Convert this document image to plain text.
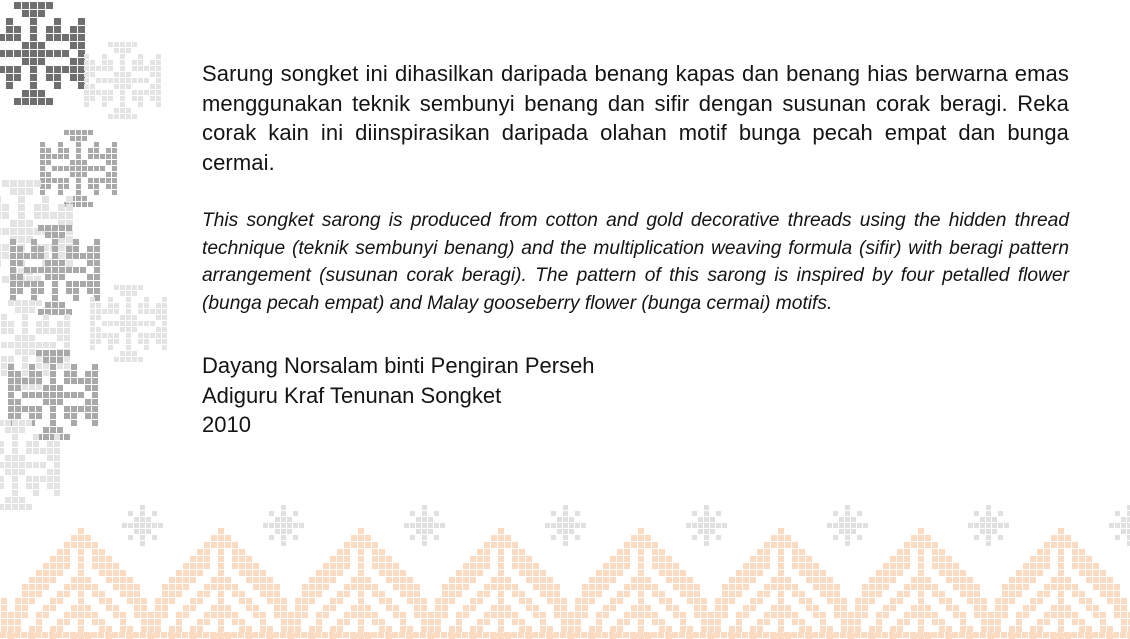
Sarung songket ini dihasilkan daripada benang kapas dan benang hias berwarna emas menggunakan teknik sembunyi benang dan sifir dengan susunan corak beragi. Reka corak kain ini diinspirasikan daripada olahan motif bunga pecah empat dan bunga cermai.

This songket sarong is produced from cotton and gold decorative threads using the hidden thread technique (teknik sembunyi benang) and the multiplication weaving formula (sifir) with beragi pattern arrangement (susunan corak beragi). The pattern of this sarong is inspired by four petalled flower (bunga pecah empat) and Malay gooseberry flower (bunga cermai) motifs.

Dayang Norsalam binti Pengiran Perseh
Adiguru Kraf Tenunan Songket
2010
